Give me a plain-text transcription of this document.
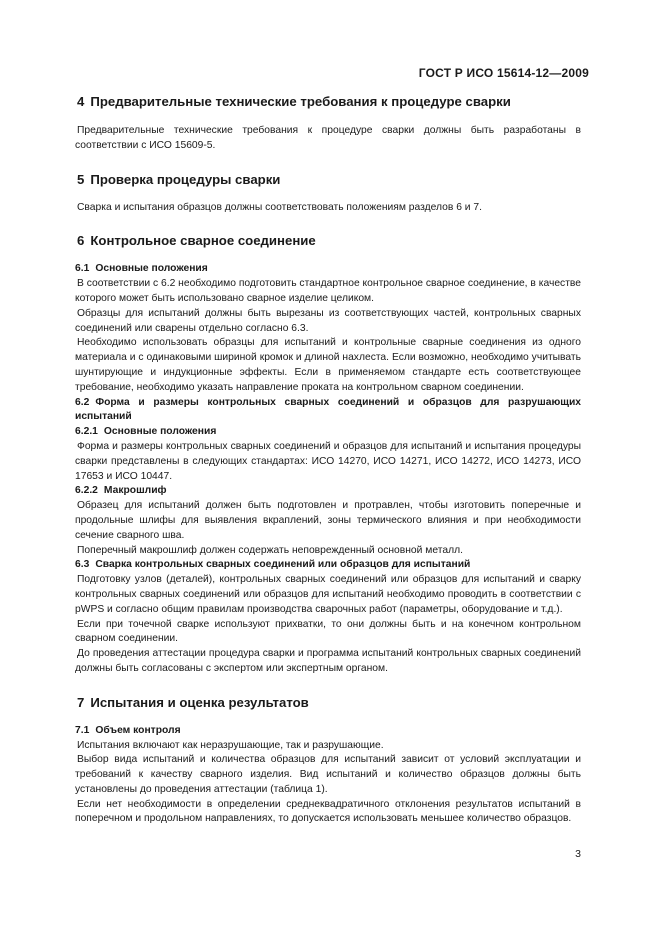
ГОСТ Р ИСО 15614-12—2009
4 Предварительные технические требования к процедуре сварки

Предварительные технические требования к процедуре сварки должны быть разработаны в соответствии с ИСО 15609-5.

5 Проверка процедуры сварки

Сварка и испытания образцов должны соответствовать положениям разделов 6 и 7.

6 Контрольное сварное соединение

6.1 Основные положения

В соответствии с 6.2 необходимо подготовить стандартное контрольное сварное соединение, в качестве которого может быть использовано сварное изделие целиком.

Образцы для испытаний должны быть вырезаны из соответствующих частей, контрольных сварных соединений или сварены отдельно согласно 6.3.

Необходимо использовать образцы для испытаний и контрольные сварные соединения из одного материала и с одинаковыми шириной кромок и длиной нахлеста. Если возможно, необходимо учитывать шунтирующие и индукционные эффекты. Если в применяемом стандарте есть соответствующее требование, необходимо указать направление проката на контрольном сварном соединении.

6.2 Форма и размеры контрольных сварных соединений и образцов для разрушающих испытаний

6.2.1 Основные положения

Форма и размеры контрольных сварных соединений и образцов для испытаний и испытания процедуры сварки представлены в следующих стандартах: ИСО 14270, ИСО 14271, ИСО 14272, ИСО 14273, ИСО 17653 и ИСО 10447.

6.2.2 Макрошлиф

Образец для испытаний должен быть подготовлен и протравлен, чтобы изготовить поперечные и продольные шлифы для выявления вкраплений, зоны термического влияния и при необходимости сечение сварного шва.

Поперечный макрошлиф должен содержать неповрежденный основной металл.

6.3 Сварка контрольных сварных соединений или образцов для испытаний

Подготовку узлов (деталей), контрольных сварных соединений или образцов для испытаний и сварку контрольных сварных соединений или образцов для испытаний необходимо проводить в соответствии с pWPS и согласно общим правилам производства сварочных работ (параметры, оборудование и т.д.).

Если при точечной сварке используют прихватки, то они должны быть и на конечном контрольном сварном соединении.

До проведения аттестации процедура сварки и программа испытаний контрольных сварных соединений должны быть согласованы с экспертом или экспертным органом.

7 Испытания и оценка результатов

7.1 Объем контроля

Испытания включают как неразрушающие, так и разрушающие.

Выбор вида испытаний и количества образцов для испытаний зависит от условий эксплуатации и требований к качеству сварного изделия. Вид испытаний и количество образцов должны быть установлены до проведения аттестации (таблица 1).

Если нет необходимости в определении среднеквадратичного отклонения результатов испытаний в поперечном и продольном направлениях, то допускается использовать меньшее количество образцов.

3
